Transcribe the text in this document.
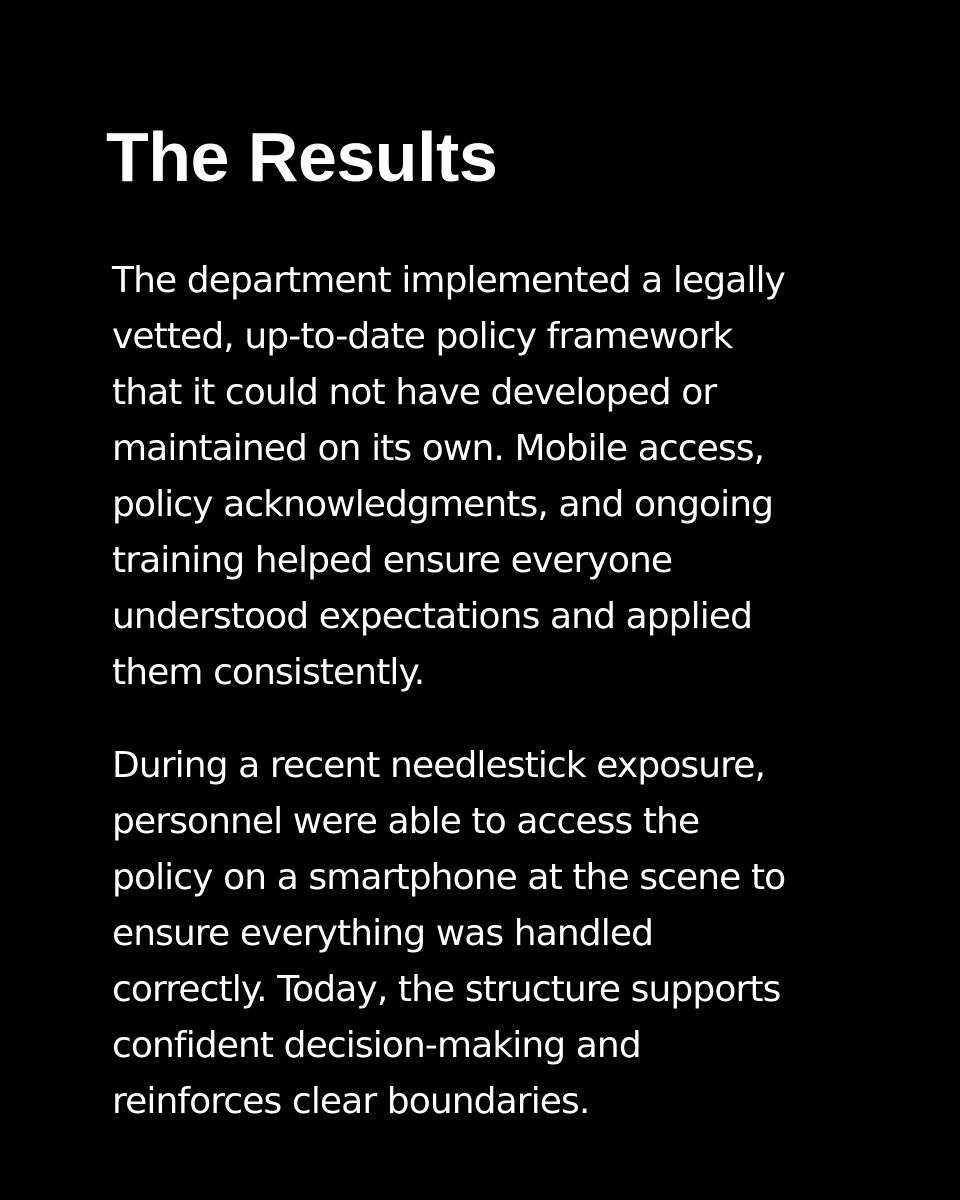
The Results

The department implemented a legally
vetted, up-to-date policy framework
that it could not have developed or
maintained on its own. Mobile access,
policy acknowledgments, and ongoing
training helped ensure everyone
understood expectations and applied
them consistently.

During a recent needlestick exposure,
personnel were able to access the
policy on a smartphone at the scene to
ensure everything was handled
correctly. Today, the structure supports
confident decision-making and
reinforces clear boundaries.
